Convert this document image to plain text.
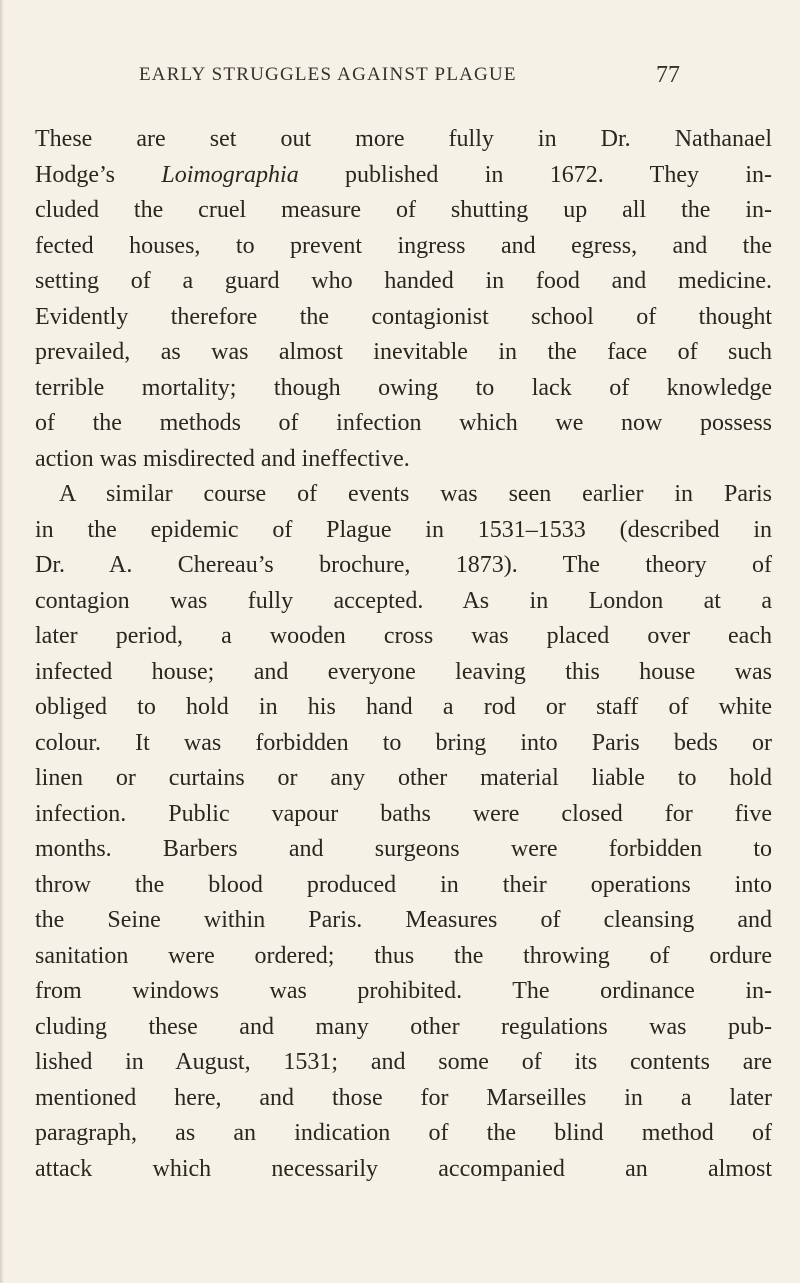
EARLY STRUGGLES AGAINST PLAGUE	77
These are set out more fully in Dr. Nathanael
Hodge’s Loimographia published in 1672. They in-
cluded the cruel measure of shutting up all the in-
fected houses, to prevent ingress and egress, and the
setting of a guard who handed in food and medicine.
Evidently therefore the contagionist school of thought
prevailed, as was almost inevitable in the face of such
terrible mortality; though owing to lack of knowledge
of the methods of infection which we now possess
action was misdirected and ineffective.
A similar course of events was seen earlier in Paris
in the epidemic of Plague in 1531–1533 (described in
Dr. A. Chereau’s brochure, 1873). The theory of
contagion was fully accepted. As in London at a
later period, a wooden cross was placed over each
infected house; and everyone leaving this house was
obliged to hold in his hand a rod or staff of white
colour. It was forbidden to bring into Paris beds or
linen or curtains or any other material liable to hold
infection. Public vapour baths were closed for five
months. Barbers and surgeons were forbidden to
throw the blood produced in their operations into
the Seine within Paris. Measures of cleansing and
sanitation were ordered; thus the throwing of ordure
from windows was prohibited. The ordinance in-
cluding these and many other regulations was pub-
lished in August, 1531; and some of its contents are
mentioned here, and those for Marseilles in a later
paragraph, as an indication of the blind method of
attack which necessarily accompanied an almost
